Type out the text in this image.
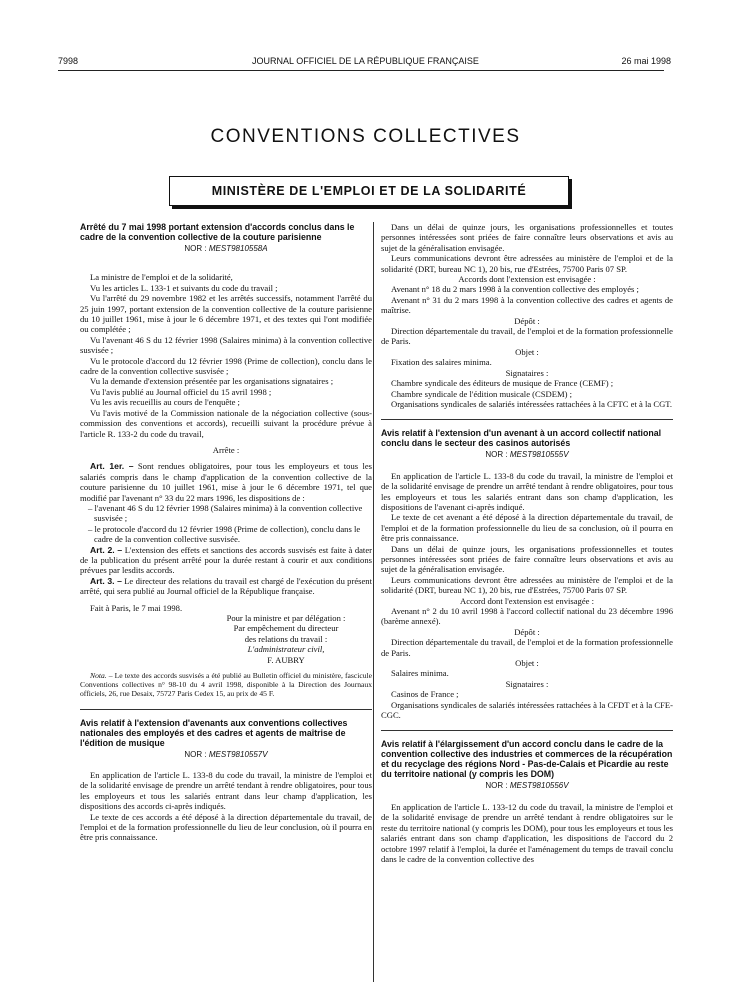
7998	JOURNAL OFFICIEL DE LA RÉPUBLIQUE FRANÇAISE	26 mai 1998
CONVENTIONS COLLECTIVES
MINISTÈRE DE L'EMPLOI ET DE LA SOLIDARITÉ

Arrêté du 7 mai 1998 portant extension d'accords conclus dans le cadre de la convention collective de la couture parisienne

NOR : MEST9810558A

La ministre de l'emploi et de la solidarité,

Vu les articles L. 133-1 et suivants du code du travail ;

Vu l'arrêté du 29 novembre 1982 et les arrêtés successifs, notamment l'arrêté du 25 juin 1997, portant extension de la convention collective de la couture parisienne du 10 juillet 1961, mise à jour le 6 décembre 1971, et des textes qui l'ont modifiée ou complétée ;

Vu l'avenant 46 S du 12 février 1998 (Salaires minima) à la convention collective susvisée ;

Vu le protocole d'accord du 12 février 1998 (Prime de collection), conclu dans le cadre de la convention collective susvisée ;

Vu la demande d'extension présentée par les organisations signataires ;

Vu l'avis publié au Journal officiel du 15 avril 1998 ;

Vu les avis recueillis au cours de l'enquête ;

Vu l'avis motivé de la Commission nationale de la négociation collective (sous-commission des conventions et accords), recueilli suivant la procédure prévue à l'article R. 133-2 du code du travail,

Arrête :

Art. 1er. – Sont rendues obligatoires, pour tous les employeurs et tous les salariés compris dans le champ d'application de la convention collective de la couture parisienne du 10 juillet 1961, mise à jour le 6 décembre 1971, tel que modifié par l'avenant n° 33 du 22 mars 1996, les dispositions de :

– l'avenant 46 S du 12 février 1998 (Salaires minima) à la convention collective susvisée ;

– le protocole d'accord du 12 février 1998 (Prime de collection), conclu dans le cadre de la convention collective susvisée.

Art. 2. – L'extension des effets et sanctions des accords susvisés est faite à dater de la publication du présent arrêté pour la durée restant à courir et aux conditions prévues par lesdits accords.

Art. 3. – Le directeur des relations du travail est chargé de l'exécution du présent arrêté, qui sera publié au Journal officiel de la République française.

Fait à Paris, le 7 mai 1998.

Pour la ministre et par délégation :

Par empêchement du directeur

des relations du travail :

L'administrateur civil,

F. AUBRY

Nota. – Le texte des accords susvisés a été publié au Bulletin officiel du ministère, fascicule Conventions collectives n° 98-10 du 4 avril 1998, disponible à la Direction des Journaux officiels, 26, rue Desaix, 75727 Paris Cedex 15, au prix de 45 F.

Avis relatif à l'extension d'avenants aux conventions collectives nationales des employés et des cadres et agents de maîtrise de l'édition de musique

NOR : MEST9810557V

En application de l'article L. 133-8 du code du travail, la ministre de l'emploi et de la solidarité envisage de prendre un arrêté tendant à rendre obligatoires, pour tous les employeurs et tous les salariés entrant dans leur champ d'application, les dispositions des accords ci-après indiqués.

Le texte de ces accords a été déposé à la direction départementale du travail, de l'emploi et de la formation professionnelle du lieu de leur conclusion, où il pourra en être pris connaissance.

Dans un délai de quinze jours, les organisations professionnelles et toutes personnes intéressées sont priées de faire connaître leurs observations et avis au sujet de la généralisation envisagée.

Leurs communications devront être adressées au ministère de l'emploi et de la solidarité (DRT, bureau NC 1), 20 bis, rue d'Estrées, 75700 Paris 07 SP.

Accords dont l'extension est envisagée :

Avenant n° 18 du 2 mars 1998 à la convention collective des employés ;

Avenant n° 31 du 2 mars 1998 à la convention collective des cadres et agents de maîtrise.

Dépôt :

Direction départementale du travail, de l'emploi et de la formation professionnelle de Paris.

Objet :

Fixation des salaires minima.

Signataires :

Chambre syndicale des éditeurs de musique de France (CEMF) ;

Chambre syndicale de l'édition musicale (CSDEM) ;

Organisations syndicales de salariés intéressées rattachées à la CFTC et à la CGT.

Avis relatif à l'extension d'un avenant à un accord collectif national conclu dans le secteur des casinos autorisés

NOR : MEST9810555V

En application de l'article L. 133-8 du code du travail, la ministre de l'emploi et de la solidarité envisage de prendre un arrêté tendant à rendre obligatoires, pour tous les employeurs et tous les salariés entrant dans son champ d'application, les dispositions de l'avenant ci-après indiqué.

Le texte de cet avenant a été déposé à la direction départementale du travail, de l'emploi et de la formation professionnelle du lieu de sa conclusion, où il pourra en être pris connaissance.

Dans un délai de quinze jours, les organisations professionnelles et toutes personnes intéressées sont priées de faire connaître leurs observations et avis au sujet de la généralisation envisagée.

Leurs communications devront être adressées au ministère de l'emploi et de la solidarité (DRT, bureau NC 1), 20 bis, rue d'Estrées, 75700 Paris 07 SP.

Accord dont l'extension est envisagée :

Avenant n° 2 du 10 avril 1998 à l'accord collectif national du 23 décembre 1996 (barème annexé).

Dépôt :

Direction départementale du travail, de l'emploi et de la formation professionnelle de Paris.

Objet :

Salaires minima.

Signataires :

Casinos de France ;

Organisations syndicales de salariés intéressées rattachées à la CFDT et à la CFE-CGC.

Avis relatif à l'élargissement d'un accord conclu dans le cadre de la convention collective des industries et commerces de la récupération et du recyclage des régions Nord - Pas-de-Calais et Picardie au reste du territoire national (y compris les DOM)

NOR : MEST9810556V

En application de l'article L. 133-12 du code du travail, la ministre de l'emploi et de la solidarité envisage de prendre un arrêté tendant à rendre obligatoires sur le reste du territoire national (y compris les DOM), pour tous les employeurs et tous les salariés entrant dans son champ d'application, les dispositions de l'accord du 2 octobre 1997 relatif à l'emploi, la durée et l'aménagement du temps de travail conclu dans le cadre de la convention collective des
